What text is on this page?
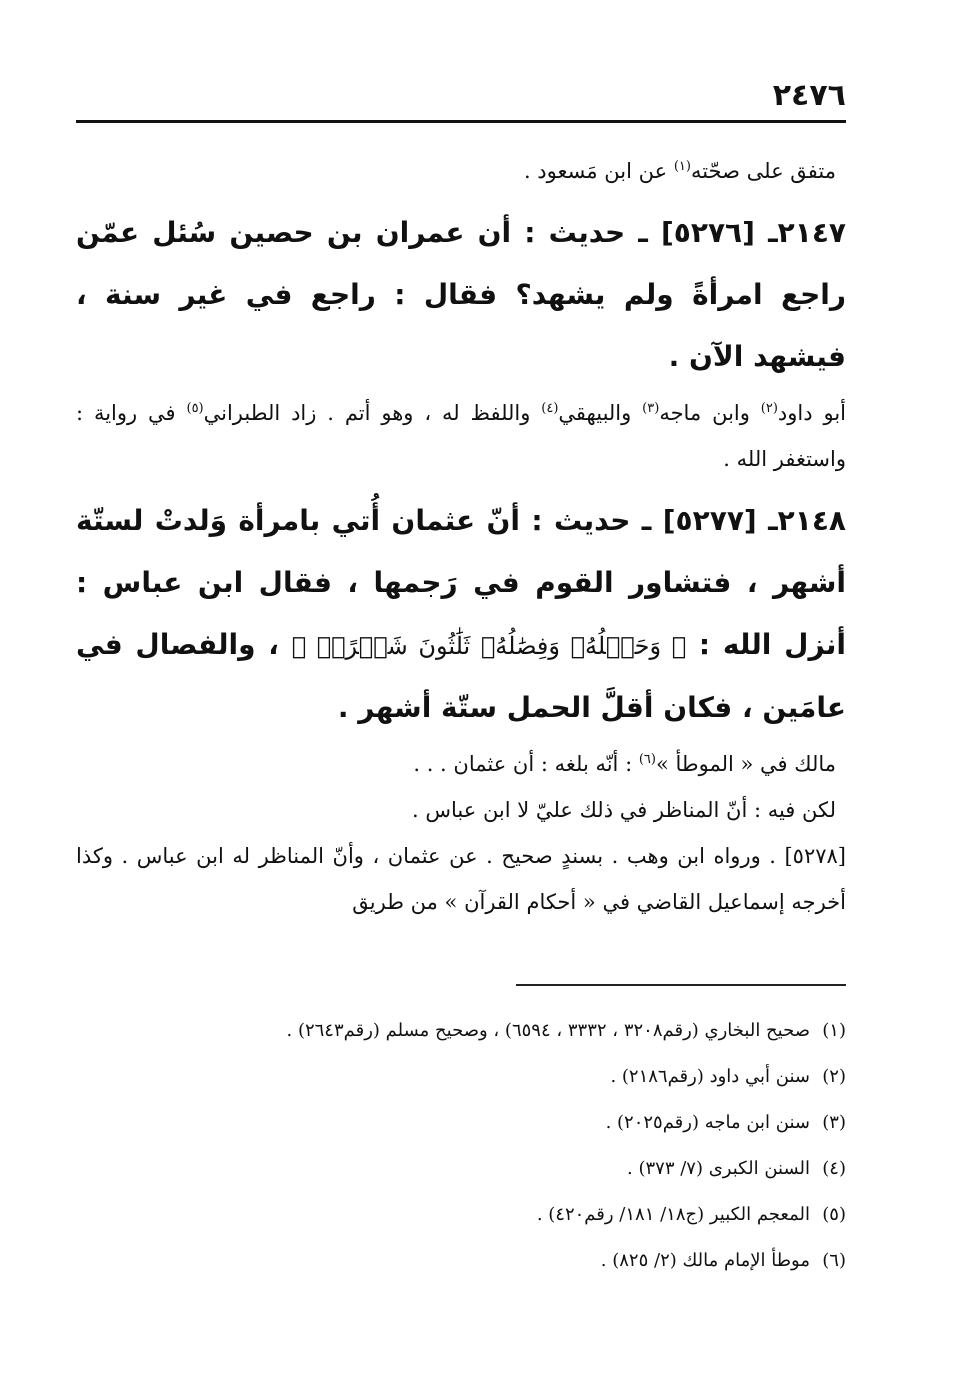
٢٤٧٦

متفق على صحّته$^{(١)}$ عن ابن مَسعود .

٢١٤٧ـ [٥٢٧٦] ـ حديث : أن عمران بن حصين سُئل عمّن راجع امرأةً ولم يشهد؟ فقال : راجع في غير سنة ، فيشهد الآن .

أبو داود$^{(٢)}$ وابن ماجه$^{(٣)}$ والبيهقي$^{(٤)}$ واللفظ له ، وهو أتم . زاد الطبراني$^{(٥)}$ في رواية : واستغفر الله .

٢١٤٨ـ [٥٢٧٧] ـ حديث : أنّ عثمان أُتي بامرأة وَلدتْ لستّة أشهر ، فتشاور القوم في رَجمها ، فقال ابن عباس : أنزل الله : ﴿ وَحَمۡلُهُۥ وَفِصَٰلُهُۥ ثَلَٰثُونَ شَهۡرًاۚ ﴾ ، والفصال في عامَين ، فكان أقلَّ الحمل ستّة أشهر .

مالك في « الموطأ »$^{(٦)}$ : أنّه بلغه : أن عثمان . . .

لكن فيه : أنّ المناظر في ذلك عليّ لا ابن عباس .

[٥٢٧٨] . ورواه ابن وهب . بسندٍ صحيح . عن عثمان ، وأنّ المناظر له ابن عباس . وكذا أخرجه إسماعيل القاضي في « أحكام القرآن » من طريق

(١)صحيح البخاري (رقم٣٢٠٨ ، ٣٣٣٢ ، ٦٥٩٤) ، وصحيح مسلم (رقم٢٦٤٣) .
(٢)سنن أبي داود (رقم٢١٨٦) .
(٣)سنن ابن ماجه (رقم٢٠٢٥) .
(٤)السنن الكبرى (٧/ ٣٧٣) .
(٥)المعجم الكبير (ج١٨/ ١٨١/ رقم٤٢٠) .
(٦)موطأ الإمام مالك (٢/ ٨٢٥) .
